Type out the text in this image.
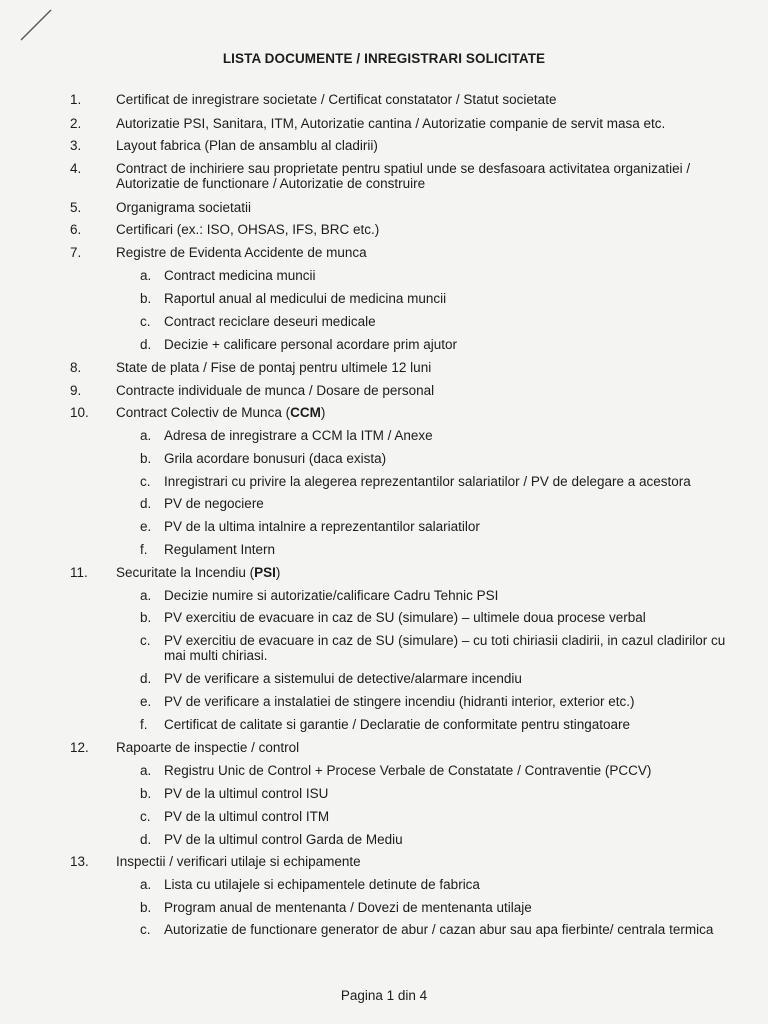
LISTA DOCUMENTE / INREGISTRARI SOLICITATE
1.	Certificat de inregistrare societate / Certificat constatator / Statut societate
2.	Autorizatie PSI, Sanitara, ITM, Autorizatie cantina / Autorizatie companie de servit masa etc.
3.	Layout fabrica (Plan de ansamblu al cladirii)
4.	Contract de inchiriere sau proprietate pentru spatiul unde se desfasoara activitatea organizatiei / Autorizatie de functionare / Autorizatie de construire
5.	Organigrama societatii
6.	Certificari (ex.: ISO, OHSAS, IFS, BRC etc.)
7.	Registre de Evidenta Accidente de munca
a. Contract medicina muncii
b. Raportul anual al medicului de medicina muncii
c. Contract reciclare deseuri medicale
d. Decizie + calificare personal acordare prim ajutor
8.	State de plata / Fise de pontaj pentru ultimele 12 luni
9.	Contracte individuale de munca / Dosare de personal
10.	Contract Colectiv de Munca (CCM)
a. Adresa de inregistrare a CCM la ITM / Anexe
b. Grila acordare bonusuri (daca exista)
c. Inregistrari cu privire la alegerea reprezentantilor salariatilor / PV de delegare a acestora
d. PV de negociere
e. PV de la ultima intalnire a reprezentantilor salariatilor
f.	Regulament Intern
11.	Securitate la Incendiu (PSI)
a. Decizie numire si autorizatie/calificare Cadru Tehnic PSI
b. PV exercitiu de evacuare in caz de SU (simulare) – ultimele doua procese verbal
c. PV exercitiu de evacuare in caz de SU (simulare) – cu toti chiriasii cladirii, in cazul cladirilor cu mai multi chiriasi.
d. PV de verificare a sistemului de detective/alarmare incendiu
e. PV de verificare a instalatiei de stingere incendiu (hidranti interior, exterior etc.)
f.	Certificat de calitate si garantie / Declaratie de conformitate pentru stingatoare
12.	Rapoarte de inspectie / control
a. Registru Unic de Control + Procese Verbale de Constatate / Contraventie (PCCV)
b. PV de la ultimul control ISU
c. PV de la ultimul control ITM
d. PV de la ultimul control Garda de Mediu
13.	Inspectii / verificari utilaje si echipamente
a. Lista cu utilajele si echipamentele detinute de fabrica
b. Program anual de mentenanta / Dovezi de mentenanta utilaje
c. Autorizatie de functionare generator de abur / cazan abur sau apa fierbinte/ centrala termica
Pagina 1 din 4
